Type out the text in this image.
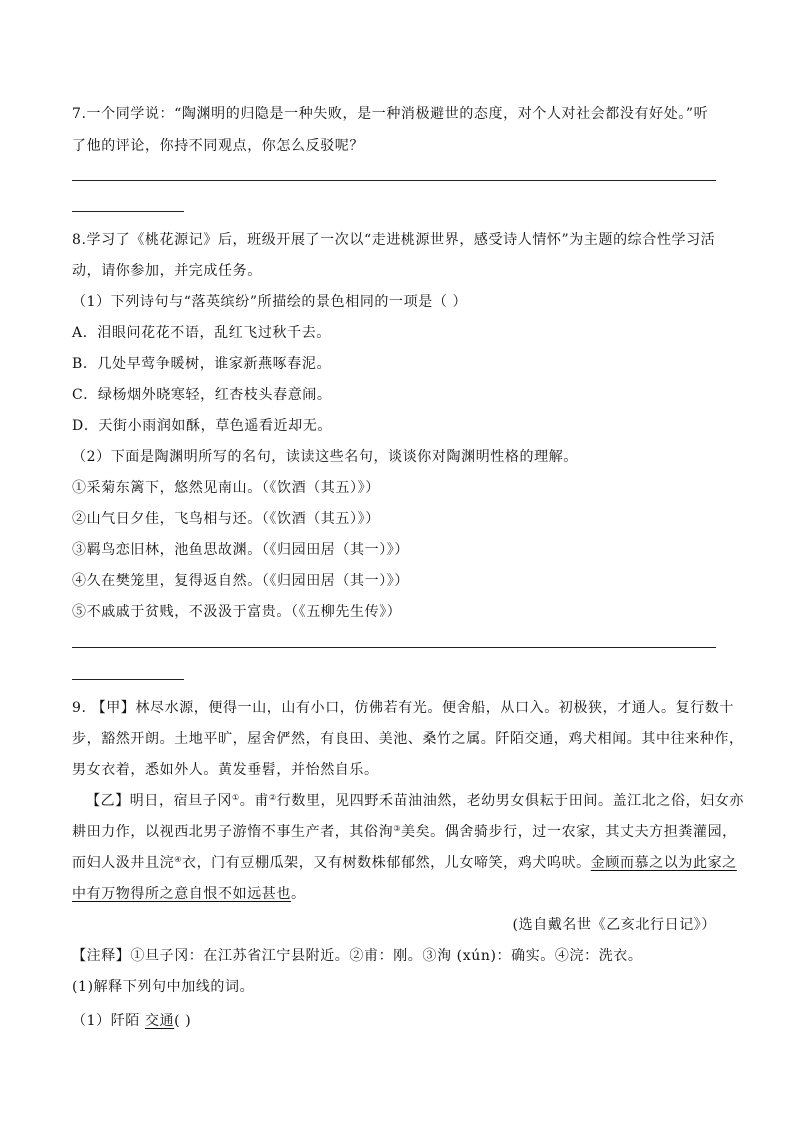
7.一个同学说：“陶渊明的归隐是一种失败，是一种消极避世的态度，对个人对社会都没有好处。”听
了他的评论，你持不同观点，你怎么反驳呢？
8.学习了《桃花源记》后，班级开展了一次以“走进桃源世界，感受诗人情怀”为主题的综合性学习活
动，请你参加，并完成任务。
（1）下列诗句与“落英缤纷”所描绘的景色相同的一项是（ ）
A．泪眼问花花不语，乱红飞过秋千去。
B．几处早莺争暖树，谁家新燕啄春泥。
C．绿杨烟外晓寒轻，红杏枝头春意闹。
D．天街小雨润如酥，草色遥看近却无。
（2）下面是陶渊明所写的名句，读读这些名句，谈谈你对陶渊明性格的理解。
①采菊东篱下，悠然见南山。（《饮酒（其五）》）
②山气日夕佳，飞鸟相与还。（《饮酒（其五）》）
③羁鸟恋旧林，池鱼思故渊。（《归园田居（其一）》）
④久在樊笼里，复得返自然。（《归园田居（其一）》）
⑤不戚戚于贫贱，不汲汲于富贵。（《五柳先生传》）
9. 【甲】林尽水源，便得一山，山有小口，仿佛若有光。便舍船，从口入。初极狭，才通人。复行数十
步，豁然开朗。土地平旷，屋舍俨然，有良田、美池、桑竹之属。阡陌交通，鸡犬相闻。其中往来种作，
男女衣着，悉如外人。黄发垂髫，并怡然自乐。
【乙】明日，宿旦子冈①。甫②行数里，见四野禾苗油油然，老幼男女俱耘于田间。盖江北之俗，妇女亦
耕田力作，以视西北男子游惰不事生产者，其俗洵③美矣。偶舍骑步行，过一农家，其丈夫方担粪灌园，
而妇人汲井且浣④衣，门有豆棚瓜架，又有树数株郁郁然，儿女啼笑，鸡犬呜吠。金顾而慕之以为此家之
中有万物得所之意自恨不如远甚也。
(选自戴名世《乙亥北行日记》）
【注释】①旦子冈：在江苏省江宁县附近。②甫：刚。③洵 (xún)：确实。④浣：洗衣。
(1)解释下列句中加线的词。
（1）阡陌 交通( )
